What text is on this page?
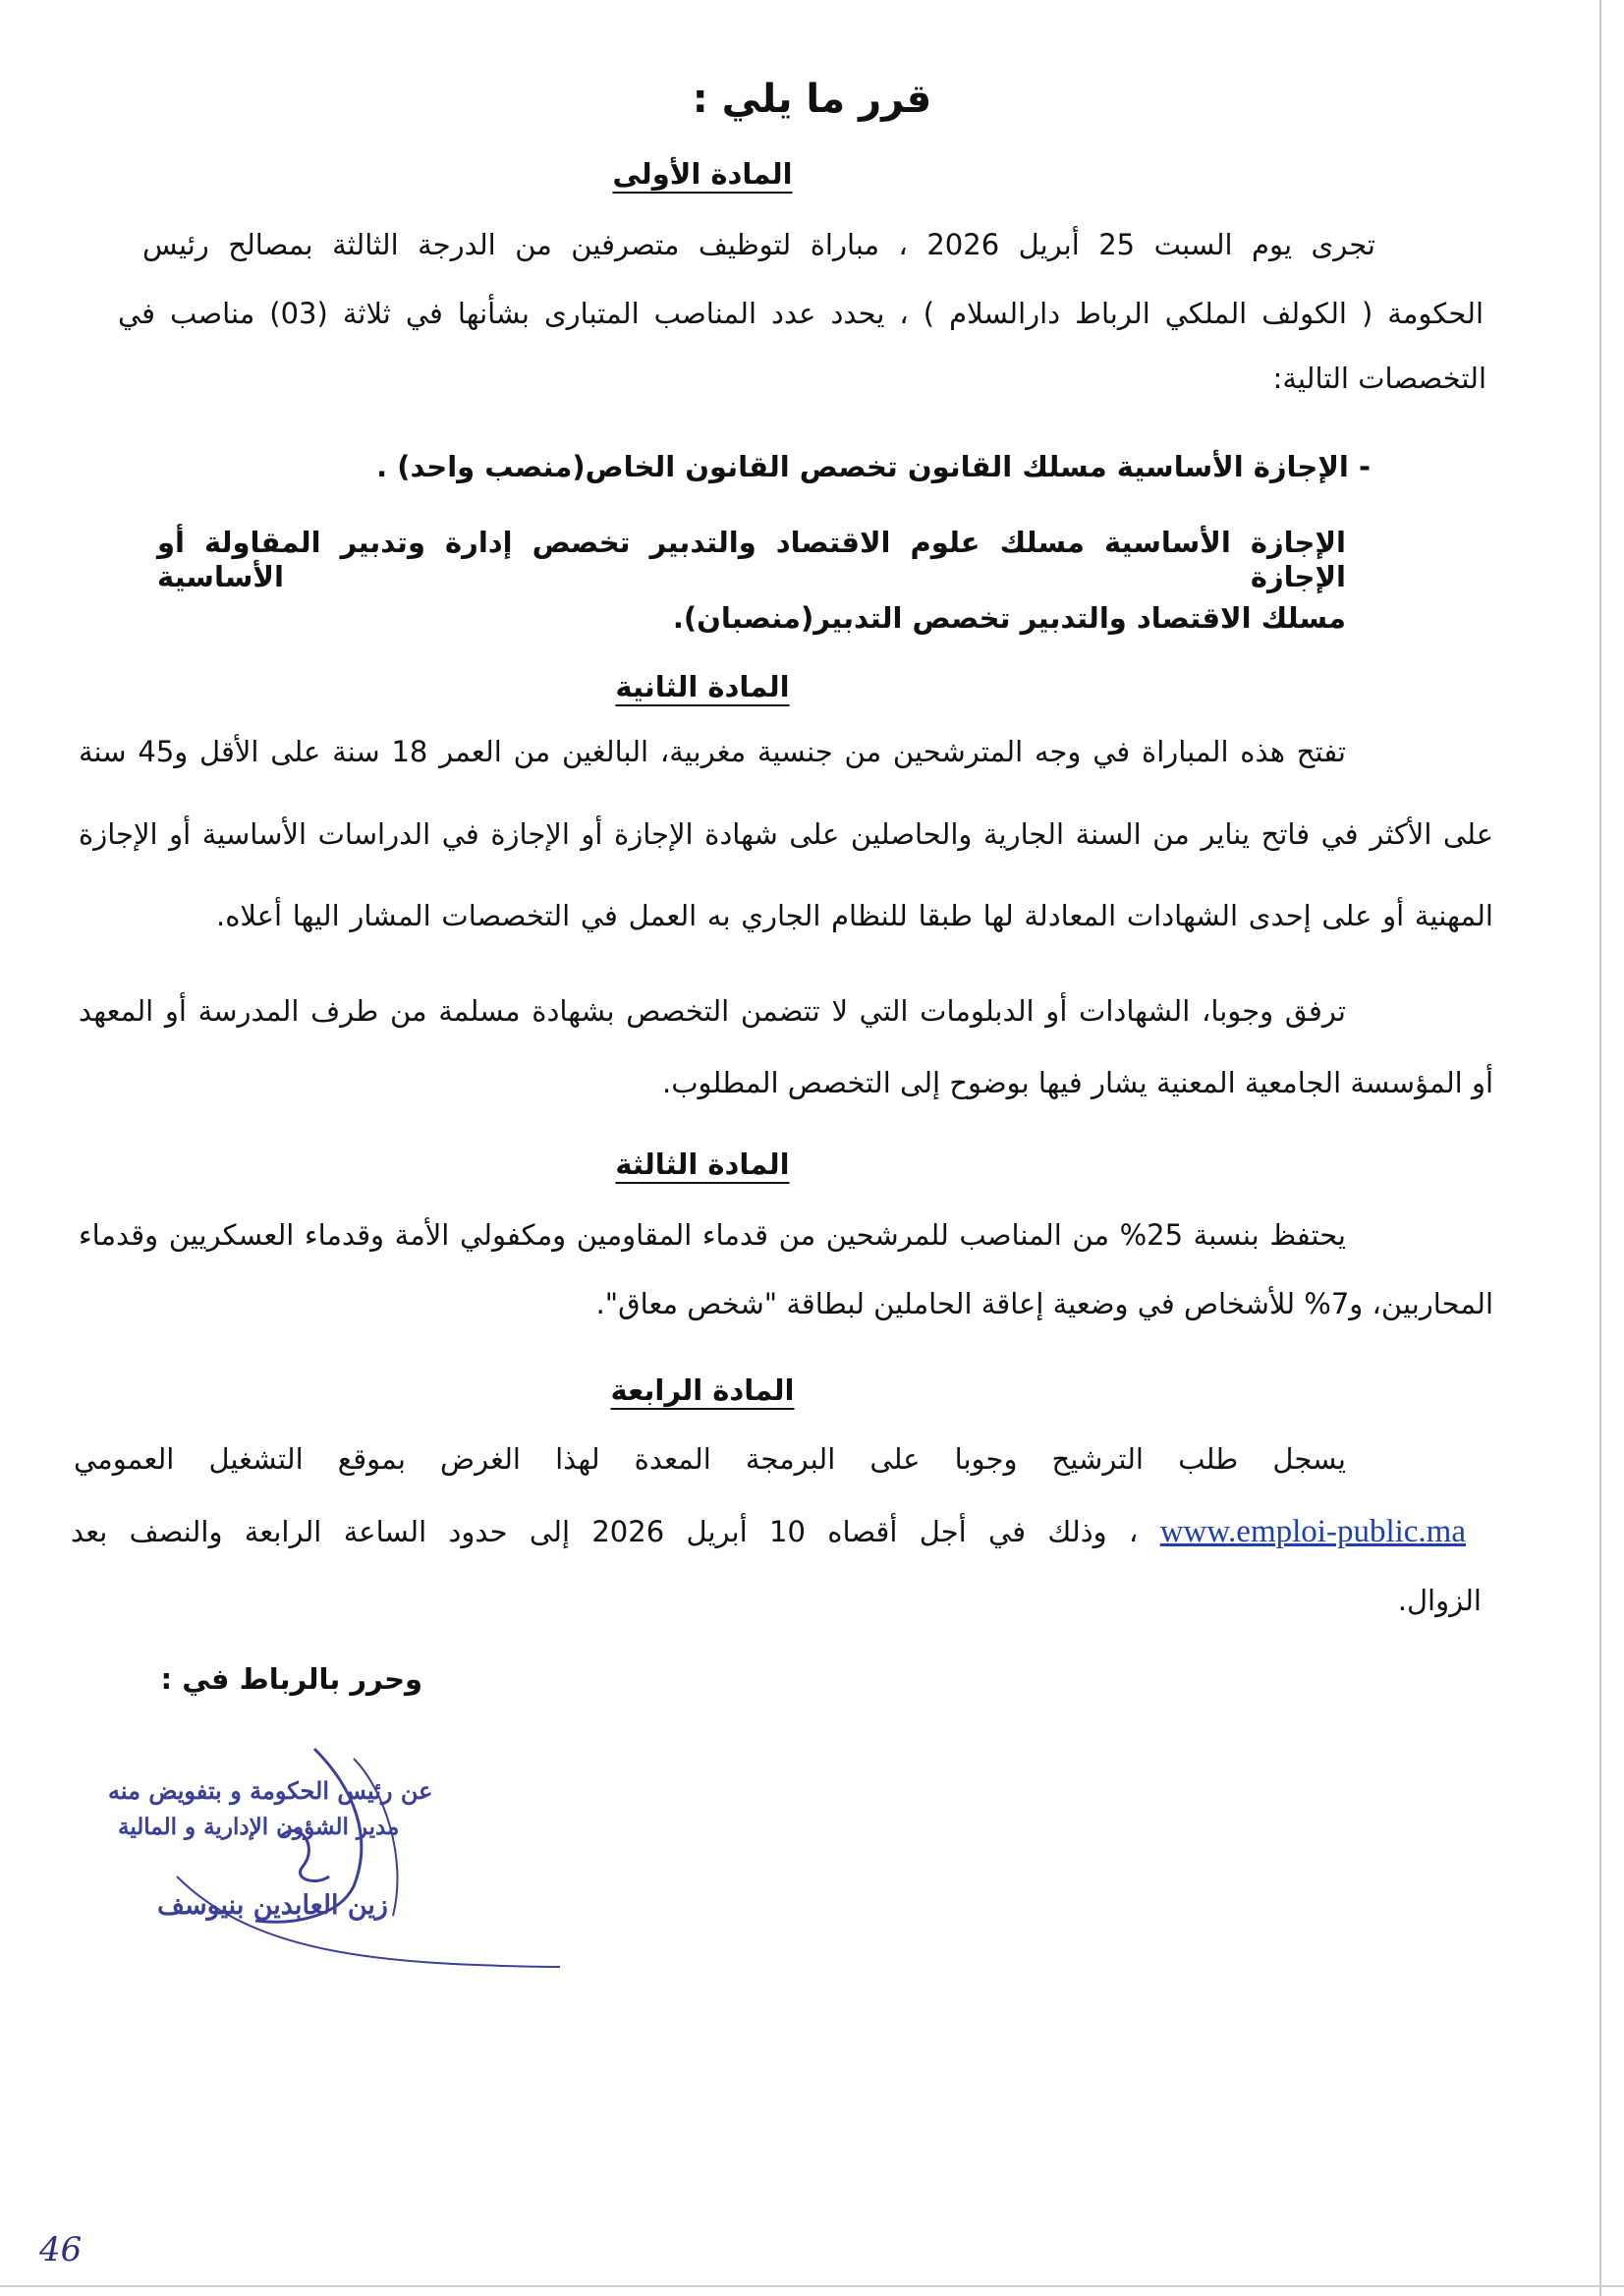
قرر ما يلي :
المادة الأولى
تجرى يوم السبت 25 أبريل 2026 ، مباراة لتوظيف متصرفين من الدرجة الثالثة بمصالح رئيس
الحكومة ( الكولف الملكي الرباط دارالسلام ) ، يحدد عدد المناصب المتبارى بشأنها في ثلاثة (03) مناصب في
التخصصات التالية:
- الإجازة الأساسية مسلك القانون تخصص القانون الخاص(منصب واحد) .
الإجازة الأساسية مسلك علوم الاقتصاد والتدبير تخصص إدارة وتدبير المقاولة أو الإجازة الأساسية
مسلك الاقتصاد والتدبير تخصص التدبير(منصبان).
المادة الثانية
تفتح هذه المباراة في وجه المترشحين من جنسية مغربية، البالغين من العمر 18 سنة على الأقل و45 سنة
على الأكثر في فاتح يناير من السنة الجارية والحاصلين على شهادة الإجازة أو الإجازة في الدراسات الأساسية أو الإجازة
المهنية أو على إحدى الشهادات المعادلة لها طبقا للنظام الجاري به العمل في التخصصات المشار اليها أعلاه.
ترفق وجوبا، الشهادات أو الدبلومات التي لا تتضمن التخصص بشهادة مسلمة من طرف المدرسة أو المعهد
أو المؤسسة الجامعية المعنية يشار فيها بوضوح إلى التخصص المطلوب.
المادة الثالثة
يحتفظ بنسبة 25% من المناصب للمرشحين من قدماء المقاومين ومكفولي الأمة وقدماء العسكريين وقدماء
المحاربين، و7% للأشخاص في وضعية إعاقة الحاملين لبطاقة "شخص معاق".
المادة الرابعة
يسجل طلب الترشيح وجوبا على البرمجة المعدة لهذا الغرض بموقع التشغيل العمومي
www.emploi-public.ma ، وذلك في أجل أقصاه 10 أبريل 2026 إلى حدود الساعة الرابعة والنصف بعد
الزوال.
وحرر بالرباط في :
عن رئيس الحكومة و بتفويض منه
مدير الشؤون الإدارية و المالية
زين العابدين بنيوسف
46
